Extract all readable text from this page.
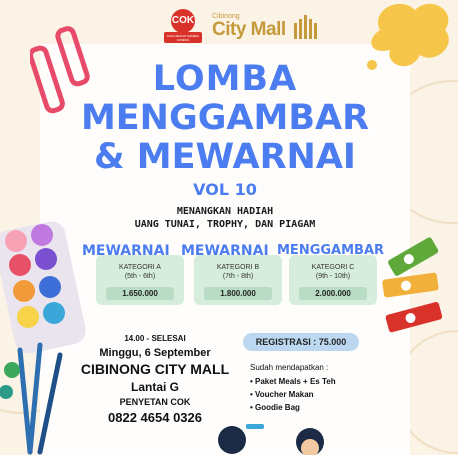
COK
JAGO MAKAN SAMBAL KOMPAS
Cibinong
City Mall
LOMBA
MENGGAMBAR
& MEWARNAI
VOL 10
MENANGKAN HADIAH
UANG TUNAI, TROPHY, DAN PIAGAM
KATEGORI A
(5th - 6th)
1.650.000
MEWARNAI
KATEGORI B
(7th - 8th)
1.800.000
MEWARNAI
KATEGORI C
(9th - 10th)
2.000.000
MENGGAMBAR
14.00 - SELESAI
Minggu, 6 September
CIBINONG CITY MALL
Lantai G
PENYETAN COK
0822 4654 0326
REGISTRASI : 75.000
Sudah mendapatkan :
• Paket Meals + Es Teh
• Voucher Makan
• Goodie Bag
